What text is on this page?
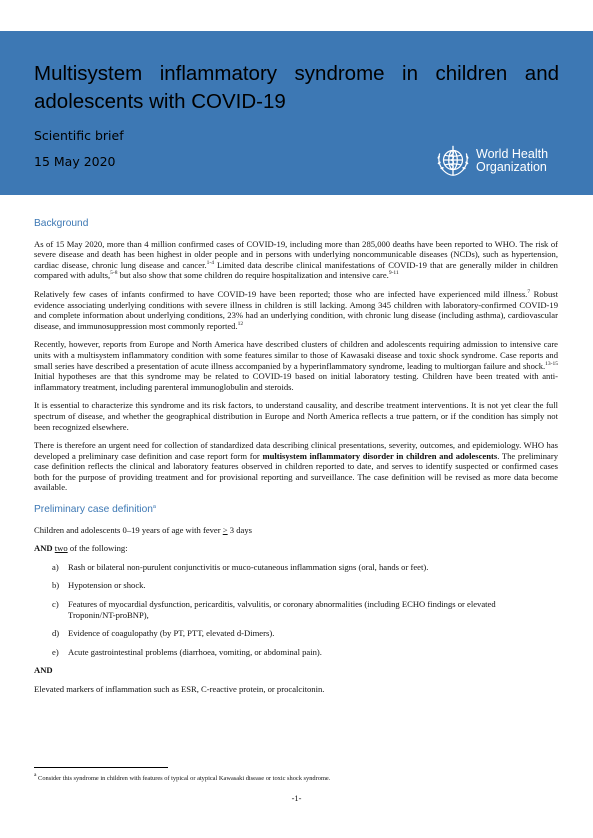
Multisystem inflammatory syndrome in children and adolescents with COVID-19
Scientific brief
15 May 2020	World Health
Organization
Background

As of 15 May 2020, more than 4 million confirmed cases of COVID-19, including more than 285,000 deaths have been reported to WHO. The risk of severe disease and death has been highest in older people and in persons with underlying noncommunicable diseases (NCDs), such as hypertension, cardiac disease, chronic lung disease and cancer.$^{1-4}$ Limited data describe clinical manifestations of COVID-19 that are generally milder in children compared with adults,$^{5-8}$ but also show that some children do require hospitalization and intensive care.$^{9-11}$

Relatively few cases of infants confirmed to have COVID-19 have been reported; those who are infected have experienced mild illness.$^7$ Robust evidence associating underlying conditions with severe illness in children is still lacking. Among 345 children with laboratory-confirmed COVID-19 and complete information about underlying conditions, 23% had an underlying condition, with chronic lung disease (including asthma), cardiovascular disease, and immunosuppression most commonly reported.$^{12}$

Recently, however, reports from Europe and North America have described clusters of children and adolescents requiring admission to intensive care units with a multisystem inflammatory condition with some features similar to those of Kawasaki disease and toxic shock syndrome. Case reports and small series have described a presentation of acute illness accompanied by a hyperinflammatory syndrome, leading to multiorgan failure and shock.$^{13-15}$ Initial hypotheses are that this syndrome may be related to COVID-19 based on initial laboratory testing. Children have been treated with anti-inflammatory treatment, including parenteral immunoglobulin and steroids.

It is essential to characterize this syndrome and its risk factors, to understand causality, and describe treatment interventions. It is not yet clear the full spectrum of disease, and whether the geographical distribution in Europe and North America reflects a true pattern, or if the condition has simply not been recognized elsewhere.

There is therefore an urgent need for collection of standardized data describing clinical presentations, severity, outcomes, and epidemiology. WHO has developed a preliminary case definition and case report form for multisystem inflammatory disorder in children and adolescents. The preliminary case definition reflects the clinical and laboratory features observed in children reported to date, and serves to identify suspected or confirmed cases both for the purpose of providing treatment and for provisional reporting and surveillance. The case definition will be revised as more data become available.

Preliminary case definition$^a$
Children and adolescents 0–19 years of age with fever > 3 days
AND two of the following:
a)	Rash or bilateral non-purulent conjunctivitis or muco-cutaneous inflammation signs (oral, hands or feet).
b)	Hypotension or shock.
c)	Features of myocardial dysfunction, pericarditis, valvulitis, or coronary abnormalities (including ECHO findings or elevated Troponin/NT-proBNP),
d)	Evidence of coagulopathy (by PT, PTT, elevated d-Dimers).
e)	Acute gastrointestinal problems (diarrhoea, vomiting, or abdominal pain).
AND
Elevated markers of inflammation such as ESR, C-reactive protein, or procalcitonin.
$^a$ Consider this syndrome in children with features of typical or atypical Kawasaki disease or toxic shock syndrome.
-1-
